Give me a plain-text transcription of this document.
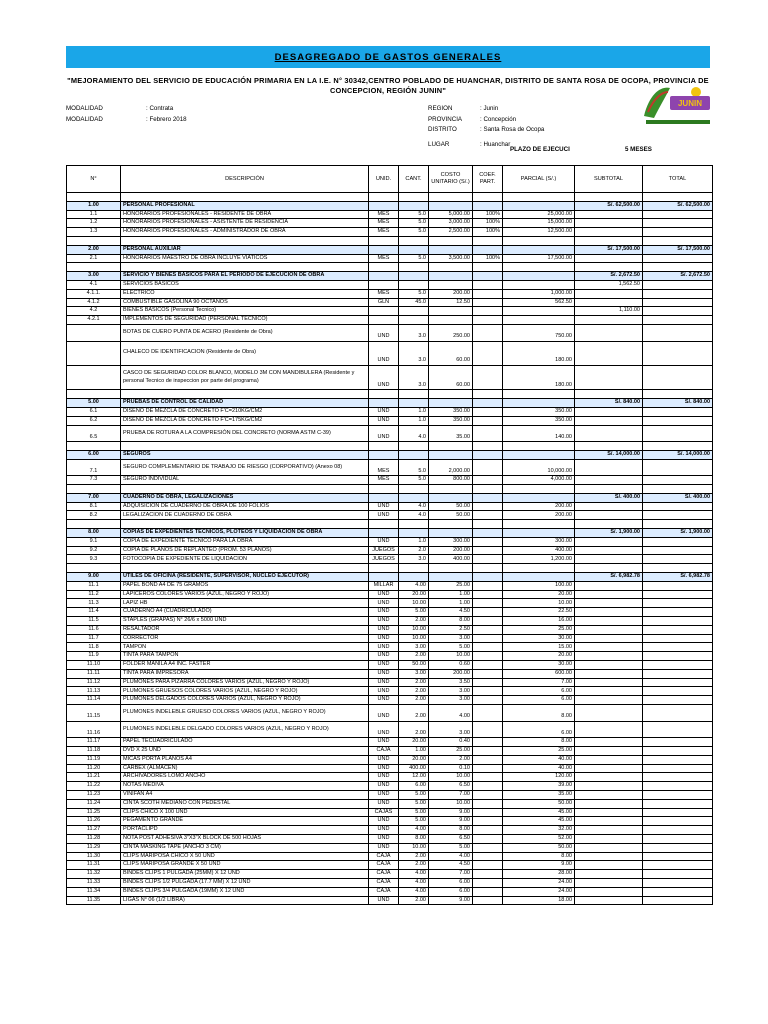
DESAGREGADO DE GASTOS GENERALES
"MEJORAMIENTO DEL SERVICIO DE EDUCACIÓN PRIMARIA EN LA I.E. N° 30342,CENTRO POBLADO DE HUANCHAR, DISTRITO DE SANTA ROSA DE OCOPA, PROVINCIA DE CONCEPCION, REGIÓN JUNIN"
MODALIDAD	: Contrata
MODALIDAD	: Febrero 2018
REGION	: Junin
PROVINCIA	: Concepción
DISTRITO	: Santa Rosa de Ocopa
LUGAR	: Huanchar
PLAZO DE EJECUCI	5 MESES
JUNIN
N°	DESCRIPCIÓN	UNID.	CANT.	COSTO UNITARIO (S/.)	COEF. PART.	PARCIAL (S/.)	SUBTOTAL	TOTAL

1.00	PERSONAL PROFESIONAL						S/. 62,500.00	S/. 62,500.00
1.1	HONORARIOS PROFESIONALES - RESIDENTE DE OBRA	MES	5.0	5,000.00	100%	25,000.00		
1.2	HONORARIOS PROFESIONALES - ASISTENTE DE RESIDENCIA	MES	5.0	3,000.00	100%	15,000.00		
1.3	HONORARIOS PROFESIONALES - ADMINISTRADOR DE OBRA	MES	5.0	2,500.00	100%	12,500.00		

2.00	PERSONAL AUXILIAR						S/. 17,500.00	S/. 17,500.00
2.1	HONORARIOS MAESTRO DE OBRA INCLUYE VIATICOS	MES	5.0	3,500.00	100%	17,500.00		

3.00	SERVICIO Y BIENES BASICOS PARA EL PERIODO DE EJECUCION DE OBRA						S/. 2,672.50	S/. 2,672.50
4.1	SERVICIOS BASICOS						1,562.50	
4.1.1.	ELECTRICO	MES	5.0	200.00		1,000.00		
4.1.2	COMBUSTIBLE GASOLINA 90 OCTANOS	GLN	45.0	12.50		562.50		
4.2	BIENES BASICOS (Personal Tecnico)						1,110.00	
4.2.1	IMPLEMENTOS DE SEGURIDAD (PERSONAL TECNICO)							
	BOTAS DE CUERO PUNTA DE ACERO (Residente de Obra)	UND	3.0	250.00		750.00		
	CHALECO DE IDENTIFICACION (Residente de Obra)	UND	3.0	60.00		180.00		
	CASCO DE SEGURIDAD COLOR BLANCO, MODELO 3M CON MANDIBULERA (Residente y personal Tecnico de inspeccion por parte del programa)	UND	3.0	60.00		180.00		

5.00	PRUEBAS DE CONTROL DE CALIDAD						S/. 840.00	S/. 840.00
6.1	DISEÑO DE MEZCLA DE CONCRETO F'C=210KG/CM2	UND	1.0	350.00		350.00		
6.2	DISEÑO DE MEZCLA DE CONCRETO F'C=175KG/CM2	UND	1.0	350.00		350.00		
6.5	PRUEBA DE ROTURA A LA COMPRESIÓN DEL CONCRETO (NORMA ASTM C-39)	UND	4.0	35.00		140.00		

6.00	SEGUROS						S/. 14,000.00	S/. 14,000.00
7.1	SEGURO COMPLEMENTARIO DE TRABAJO DE RIESGO (CORPORATIVO) (Anexo 08)	MES	5.0	2,000.00		10,000.00		
7.3	SEGURO INDIVIDUAL	MES	5.0	800.00		4,000.00		

7.00	CUADERNO DE OBRA, LEGALIZACIONES						S/. 400.00	S/. 400.00
8.1	ADQUISICION DE CUADERNO DE OBRA DE 100 FOLIOS	UND	4.0	50.00		200.00		
8.2	LEGALIZACION DE CUADERNO DE OBRA	UND	4.0	50.00		200.00		

8.00	COPIAS DE EXPEDIENTES TECNICOS, PLOTEOS Y LIQUIDACION DE OBRA						S/. 1,900.00	S/. 1,900.00
9.1	COPIA DE EXPEDIENTE TECNICO PARA LA OBRA	UND	1.0	300.00		300.00		
9.2	COPIA DE PLANOS DE REPLANTEO (PROM. 53 PLANOS)	JUEGOS	2.0	200.00		400.00		
9.3	FOTOCOPIA DE EXPEDIENTE DE LIQUIDACION	JUEGOS	3.0	400.00		1,200.00		

9.00	UTILES DE OFICINA (RESIDENTE, SUPERVISOR, NUCLEO EJECUTOR)						S/. 6,982.78	S/. 6,982.78
11.1	PAPEL BOND A4 DE 75 GRAMOS	MILLAR	4.00	25.00		100.00		
11.2	LAPICEROS COLORES VARIOS (AZUL, NEGRO Y ROJO)	UND	20.00	1.00		20.00		
11.3	LAPIZ HB	UND	10.00	1.00		10.00		
11.4	CUADERNO A4 (CUADRICULADO)	UND	5.00	4.50		22.50		
11.5	STAPLES (GRAPAS) N° 26/6 x 5000 UND	UND	2.00	8.00		16.00		
11.6	RESALTADOR	UND	10.00	2.50		25.00		
11.7	CORRECTOR	UND	10.00	3.00		30.00		
11.8	TAMPON	UND	3.00	5.00		15.00		
11.9	TINTA PARA TAMPON	UND	2.00	10.00		20.00		
11.10	FOLDER MANILA A4 INC. FASTER	UND	50.00	0.60		30.00		
11.11	TINTA PARA IMPRESORA	UND	3.00	200.00		600.00		
11.12	PLUMONES PARA PIZARRA COLORES VARIOS (AZUL, NEGRO Y ROJO)	UND	2.00	3.50		7.00		
11.13	PLUMONES GRUESOS COLORES VARIOS (AZUL, NEGRO Y ROJO)	UND	2.00	3.00		6.00		
11.14	PLUMONES DELGADOS COLORES VARIOS (AZUL, NEGRO Y ROJO)	UND	2.00	3.00		6.00		
11.15	PLUMONES INDELEBLE GRUESO COLORES VARIOS (AZUL, NEGRO Y ROJO)	UND	2.00	4.00		8.00		
11.16	PLUMONES INDELEBLE DELGADO COLORES VARIOS (AZUL, NEGRO Y ROJO)	UND	2.00	3.00		6.00		
11.17	PAPEL TECUADRICULADO	UND	20.00	0.40		8.00		
11.18	DVD X 25 UND	CAJA	1.00	25.00		25.00		
11.19	MICAS PORTA PLANOS A4	UND	20.00	2.00		40.00		
11.20	CARBEX (ALMACEN)	UND	400.00	0.10		40.00		
11.21	ARCHIVADORES LOMO ANCHO	UND	12.00	10.00		120.00		
11.22	NOTAS MEDIVA	UND	6.00	6.50		39.00		
11.23	VINIFAN A4	UND	5.00	7.00		35.00		
11.24	CINTA SCOTH MEDIANO CON PEDESTAL	UND	5.00	10.00		50.00		
11.25	CLIPS CHICO X 100 UND	CAJAS	5.00	9.00		45.00		
11.26	PEGAMENTO GRANDE	UND	5.00	9.00		45.00		
11.27	PORTACLIPD	UND	4.00	8.00		32.00		
11.28	NOTA POST ADHESIVA 3"X3"X BLOCK DE 500 HOJAS	UND	8.00	6.50		52.00		
11.29	CINTA MASKING TAPE (ANCHO 3 CM)	UND	10.00	5.00		50.00		
11.30	CLIPS MARIPOSA CHICO X 50 UND	CAJA	2.00	4.00		8.00		
11.31	CLIPS MARIPOSA GRANDE X 50 UND	CAJA	2.00	4.50		9.00		
11.32	BINDES CLIPS 1 PULGADA (25MM) X 12 UND	CAJA	4.00	7.00		28.00		
11.33	BINDES CLIPS 1/2 PULGADA (17.7 MM) X 12 UND	CAJA	4.00	6.00		24.00		
11.34	BINDES CLIPS 3/4 PULGADA (19MM) X 12 UND	CAJA	4.00	6.00		24.00		
11.35	LIGAS N° 06 (1/2 LIBRA)	UND	2.00	9.00		18.00		
